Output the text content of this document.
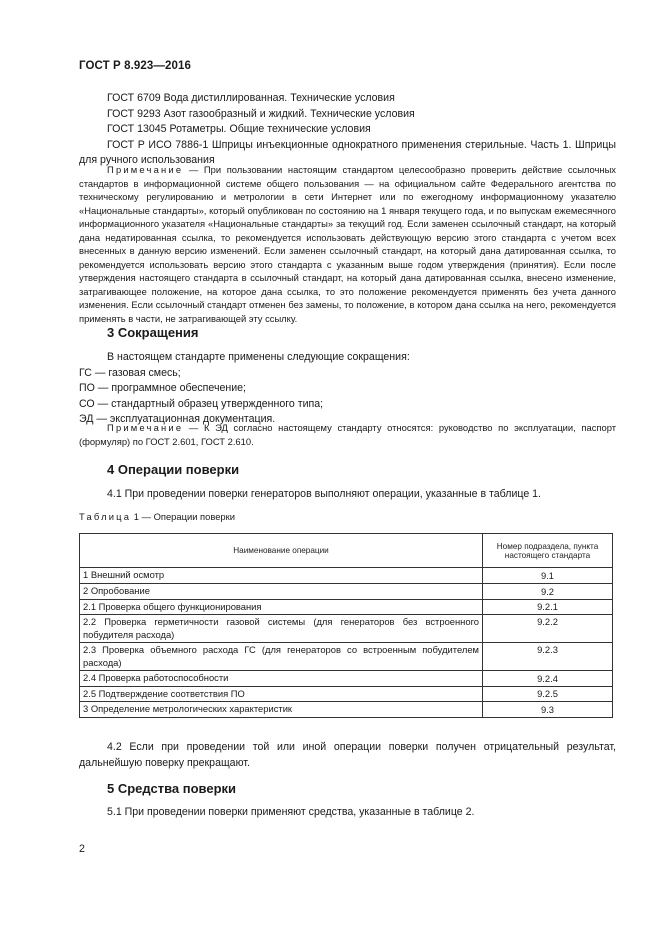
ГОСТ Р 8.923—2016

ГОСТ 6709 Вода дистиллированная. Технические условия

ГОСТ 9293 Азот газообразный и жидкий. Технические условия

ГОСТ 13045 Ротаметры. Общие технические условия

ГОСТ Р ИСО 7886-1 Шприцы инъекционные однократного применения стерильные. Часть 1. Шприцы для ручного использования

Примечание — При пользовании настоящим стандартом целесообразно проверить действие ссылочных стандартов в информационной системе общего пользования — на официальном сайте Федерального агентства по техническому регулированию и метрологии в сети Интернет или по ежегодному информационному указателю «Национальные стандарты», который опубликован по состоянию на 1 января текущего года, и по выпускам ежемесячного информационного указателя «Национальные стандарты» за текущий год. Если заменен ссылочный стандарт, на который дана недатированная ссылка, то рекомендуется использовать действующую версию этого стандарта с учетом всех внесенных в данную версию изменений. Если заменен ссылочный стандарт, на который дана датированная ссылка, то рекомендуется использовать версию этого стандарта с указанным выше годом утверждения (принятия). Если после утверждения настоящего стандарта в ссылочный стандарт, на который дана датированная ссылка, внесено изменение, затрагивающее положение, на которое дана ссылка, то это положение рекомендуется применять без учета данного изменения. Если ссылочный стандарт отменен без замены, то положение, в котором дана ссылка на него, рекомендуется применять в части, не затрагивающей эту ссылку.

3 Сокращения

В настоящем стандарте применены следующие сокращения:

ГС — газовая смесь;

ПО — программное обеспечение;

СО — стандартный образец утвержденного типа;

ЭД — эксплуатационная документация.

Примечание — К ЭД согласно настоящему стандарту относятся: руководство по эксплуатации, паспорт (формуляр) по ГОСТ 2.601, ГОСТ 2.610.

4 Операции поверки

4.1 При проведении поверки генераторов выполняют операции, указанные в таблице 1.

Таблица 1 — Операции поверки
Наименование операции	Номер подраздела, пункта настоящего стандарта
1 Внешний осмотр	9.1
2 Опробование	9.2
2.1 Проверка общего функционирования	9.2.1
2.2 Проверка герметичности газовой системы (для генераторов без встроенного побудителя расхода)	9.2.2
2.3 Проверка объемного расхода ГС (для генераторов со встроенным побудителем расхода)	9.2.3
2.4 Проверка работоспособности	9.2.4
2.5 Подтверждение соответствия ПО	9.2.5
3 Определение метрологических характеристик	9.3

4.2 Если при проведении той или иной операции поверки получен отрицательный результат, дальнейшую поверку прекращают.

5 Средства поверки

5.1 При проведении поверки применяют средства, указанные в таблице 2.

2
